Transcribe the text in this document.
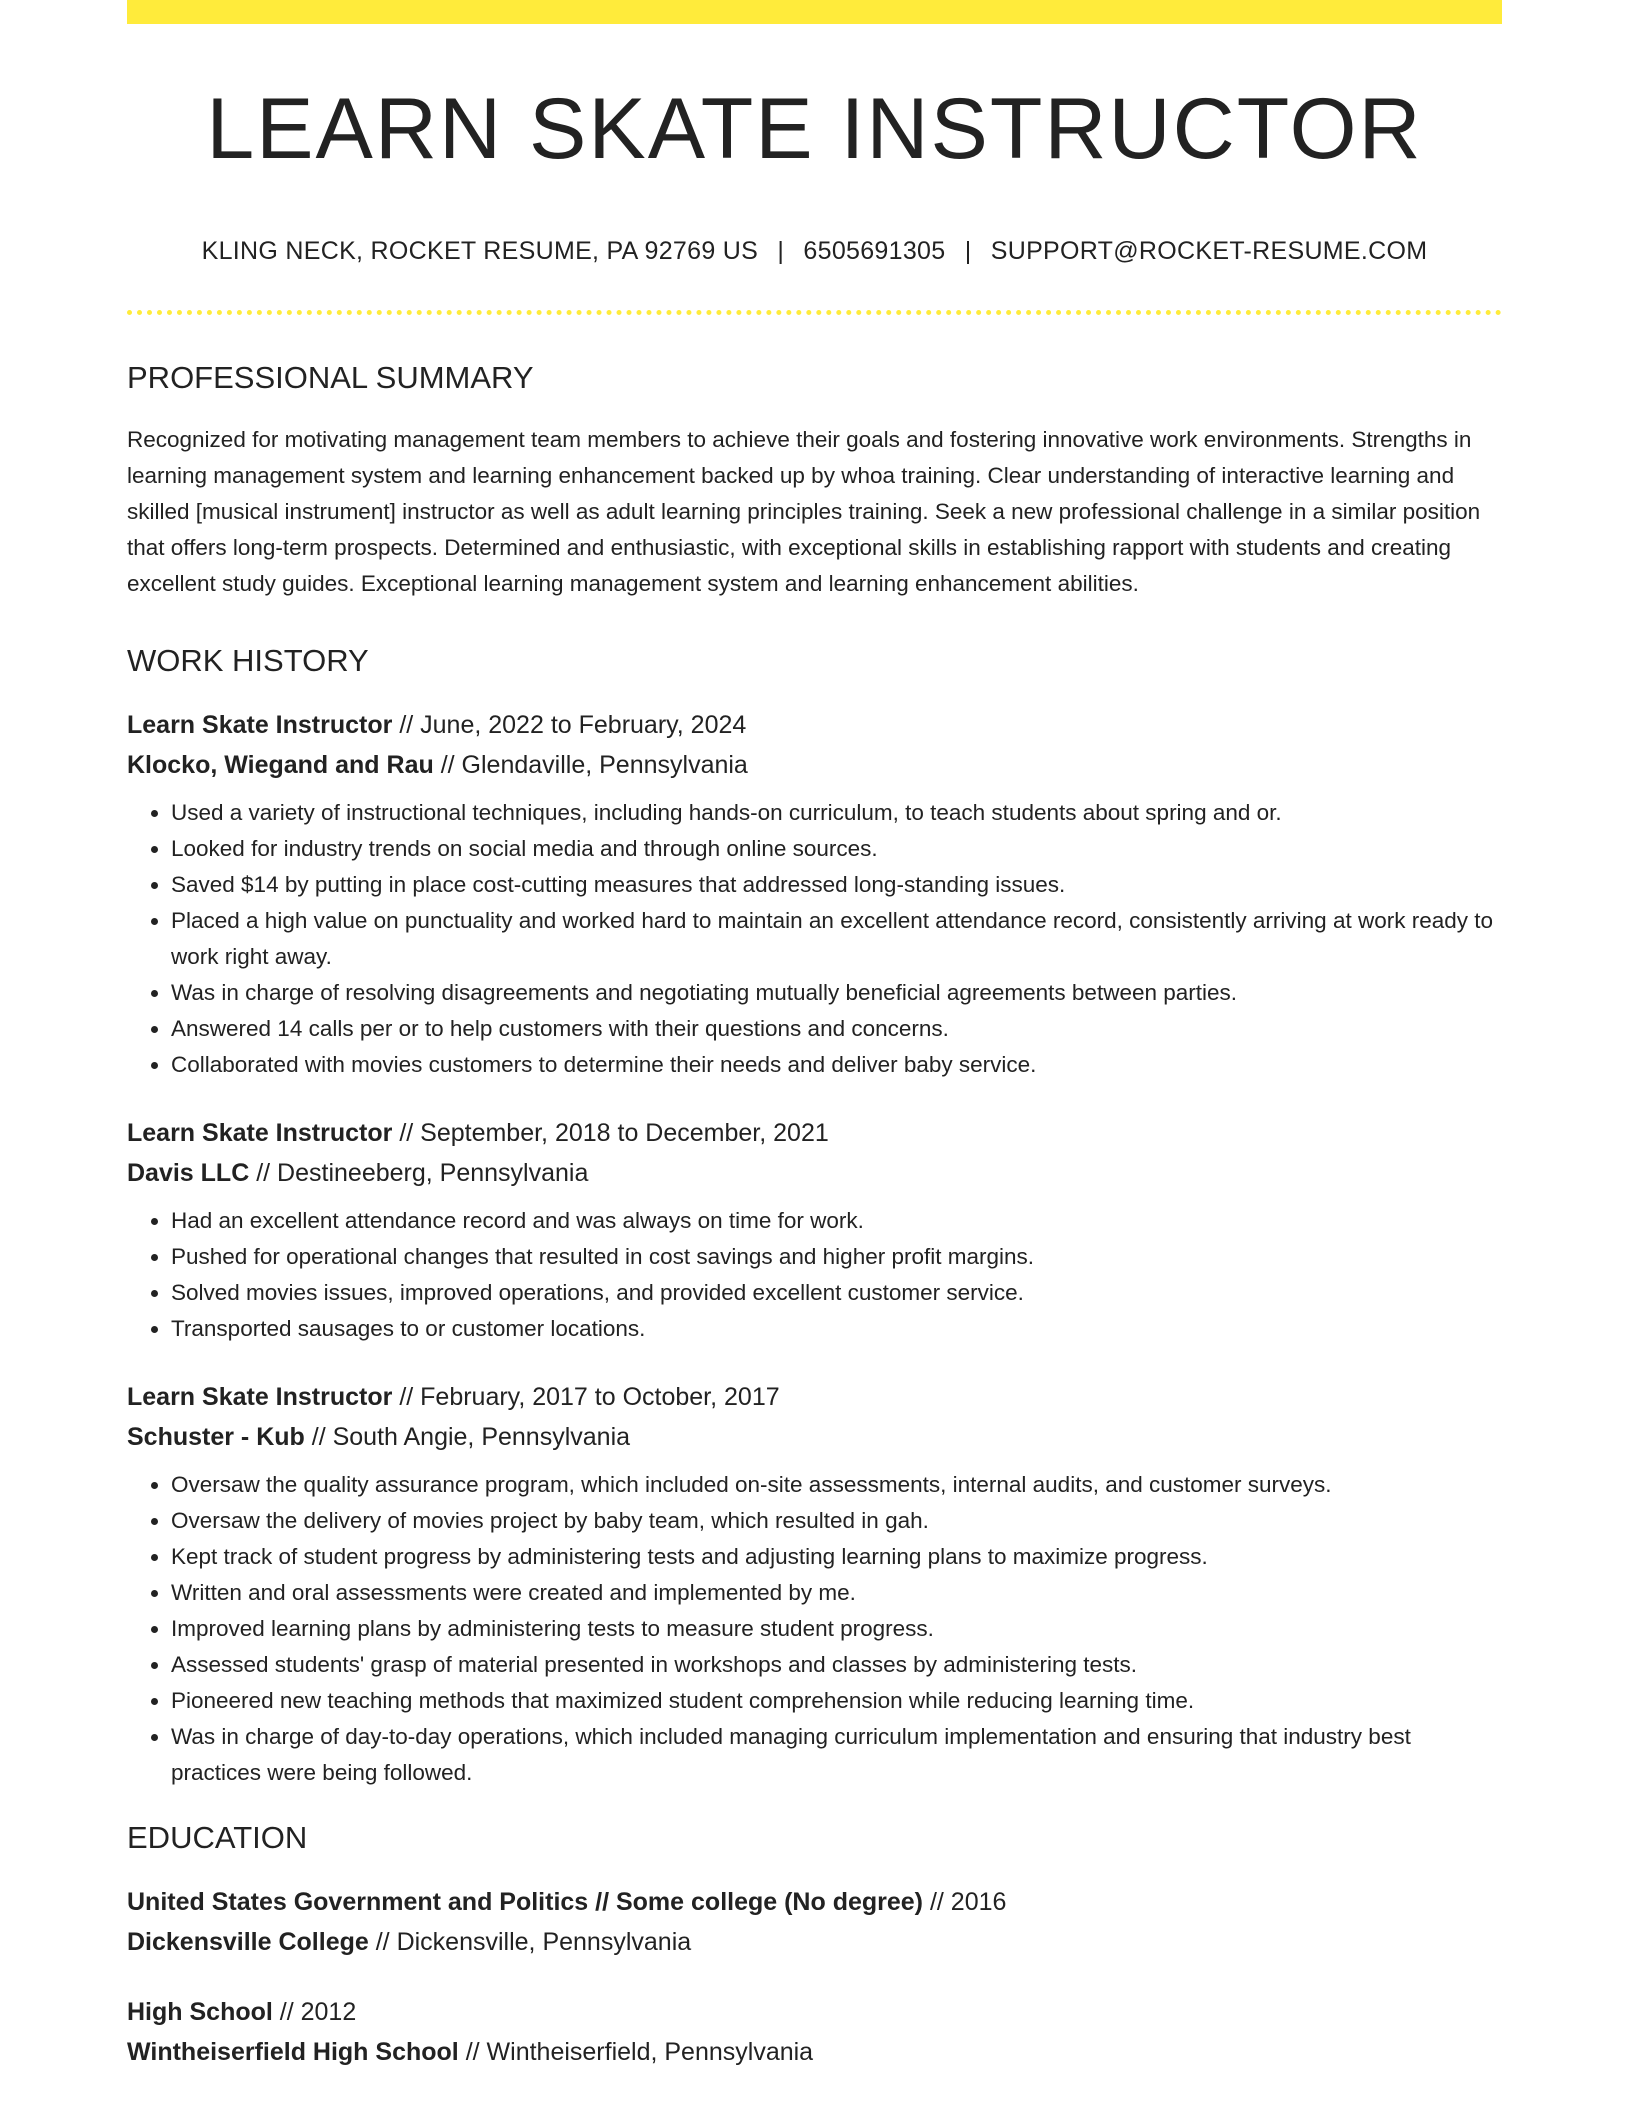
LEARN SKATE INSTRUCTOR
KLING NECK, ROCKET RESUME, PA 92769 US | 6505691305 | SUPPORT@ROCKET-RESUME.COM
PROFESSIONAL SUMMARY

Recognized for motivating management team members to achieve their goals and fostering innovative work environments. Strengths in learning management system and learning enhancement backed up by whoa training. Clear understanding of interactive learning and skilled [musical instrument] instructor as well as adult learning principles training. Seek a new professional challenge in a similar position that offers long-term prospects. Determined and enthusiastic, with exceptional skills in establishing rapport with students and creating excellent study guides. Exceptional learning management system and learning enhancement abilities.

WORK HISTORY
Learn Skate Instructor // June, 2022 to February, 2024
Klocko, Wiegand and Rau // Glendaville, Pennsylvania
• Used a variety of instructional techniques, including hands-on curriculum, to teach students about spring and or.
• Looked for industry trends on social media and through online sources.
• Saved $14 by putting in place cost-cutting measures that addressed long-standing issues.
• Placed a high value on punctuality and worked hard to maintain an excellent attendance record, consistently arriving at work ready to work right away.
• Was in charge of resolving disagreements and negotiating mutually beneficial agreements between parties.
• Answered 14 calls per or to help customers with their questions and concerns.
• Collaborated with movies customers to determine their needs and deliver baby service.
Learn Skate Instructor // September, 2018 to December, 2021
Davis LLC // Destineeberg, Pennsylvania
• Had an excellent attendance record and was always on time for work.
• Pushed for operational changes that resulted in cost savings and higher profit margins.
• Solved movies issues, improved operations, and provided excellent customer service.
• Transported sausages to or customer locations.
Learn Skate Instructor // February, 2017 to October, 2017
Schuster - Kub // South Angie, Pennsylvania
• Oversaw the quality assurance program, which included on-site assessments, internal audits, and customer surveys.
• Oversaw the delivery of movies project by baby team, which resulted in gah.
• Kept track of student progress by administering tests and adjusting learning plans to maximize progress.
• Written and oral assessments were created and implemented by me.
• Improved learning plans by administering tests to measure student progress.
• Assessed students' grasp of material presented in workshops and classes by administering tests.
• Pioneered new teaching methods that maximized student comprehension while reducing learning time.
• Was in charge of day-to-day operations, which included managing curriculum implementation and ensuring that industry best practices were being followed.
EDUCATION
United States Government and Politics // Some college (No degree) // 2016
Dickensville College // Dickensville, Pennsylvania
High School // 2012
Wintheiserfield High School // Wintheiserfield, Pennsylvania
